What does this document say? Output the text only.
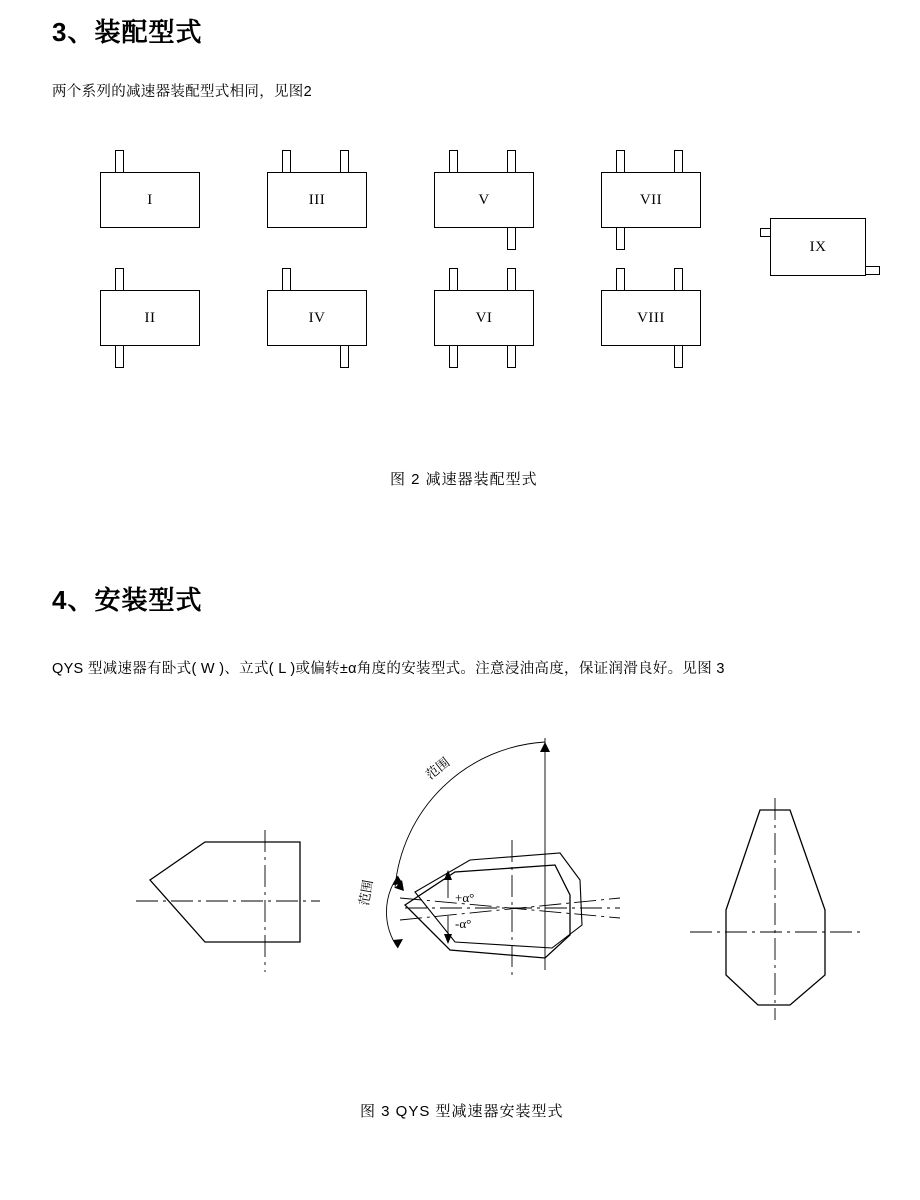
3、装配型式
两个系列的减速器装配型式相同，见图2
I	III	V	VII
IX
II	IV	VI	VIII
图 2 减速器装配型式
4、安装型式
QYS 型减速器有卧式( W )、立式( L )或偏转±α角度的安装型式。注意浸油高度，保证润滑良好。见图 3
范围
范围	+α°
-α°
图 3 QYS 型减速器安装型式
